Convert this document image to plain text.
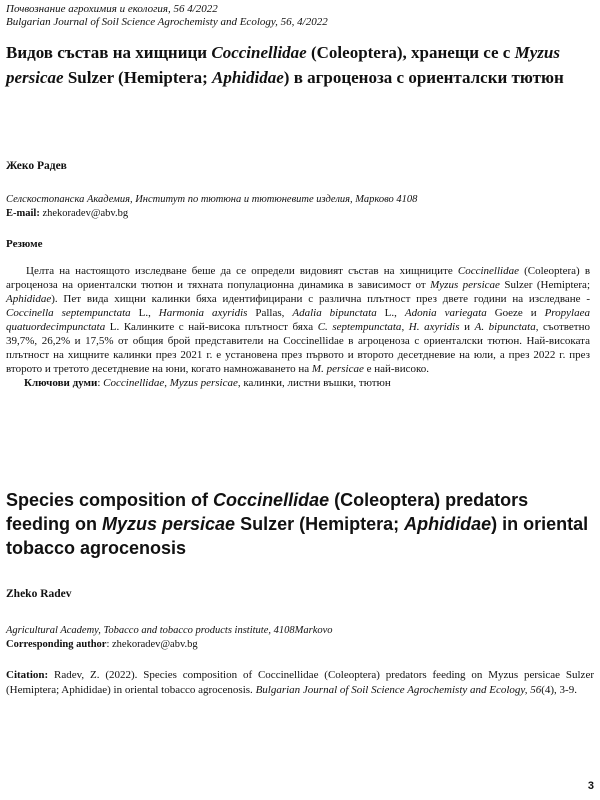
Почвознание агрохимия и екология, 56 4/2022
Bulgarian Journal of Soil Science Agrochemisty and Ecology, 56, 4/2022
Видов състав на хищници Coccinellidae (Coleoptera), хранещи се с Myzus persicae Sulzer (Hemiptera; Aphididae) в агроценоза с ориенталски тютюн
Жеко Радев
Селскостопанска Академия, Институт по тютюна и тютюневите изделия, Марково 4108
E-mail: zhekoradev@abv.bg
Резюме

Целта на настоящото изследване беше да се определи видовият състав на хищниците Coccinellidae (Coleoptera) в агроценоза на ориенталски тютюн и тяхната популационна динамика в зависимост от Myzus persicae Sulzer (Hemiptera; Aphididae). Пет вида хищни калинки бяха идентифицирани с различна плътност през двете години на изследване - Coccinella septempunctata L., Harmonia axyridis Pallas, Adalia bipunctata L., Adonia variegata Goeze и Propylaea quatuordecimpunctata L. Калинките с най-висока плътност бяха C. septempunctata, H. axyridis и A. bipunctata, съответно 39,7%, 26,2% и 17,5% от общия брой представители на Coccinellidae в агроценоза с ориенталски тютюн. Най-високата плътност на хищните калинки през 2021 г. е установена през първото и второто десетдневие на юли, а през 2022 г. през второто и третото десетдневие на юни, когато намножаването на M. persicae е най-високо.

Ключови думи: Coccinellidae, Myzus persicae, калинки, листни въшки, тютюн

Species composition of Coccinellidae (Coleoptera) predators feeding on Myzus persicae Sulzer (Hemiptera; Aphididae) in oriental tobacco agrocenosis
Zheko Radev
Agricultural Academy, Tobacco and tobacco products institute, 4108Markovo
Corresponding author: zhekoradev@abv.bg
Citation: Radev, Z. (2022). Species composition of Coccinellidae (Coleoptera) predators feeding on Myzus persicae Sulzer (Hemiptera; Aphididae) in oriental tobacco agrocenosis. Bulgarian Journal of Soil Science Agrochemisty and Ecology, 56(4), 3-9.
3
